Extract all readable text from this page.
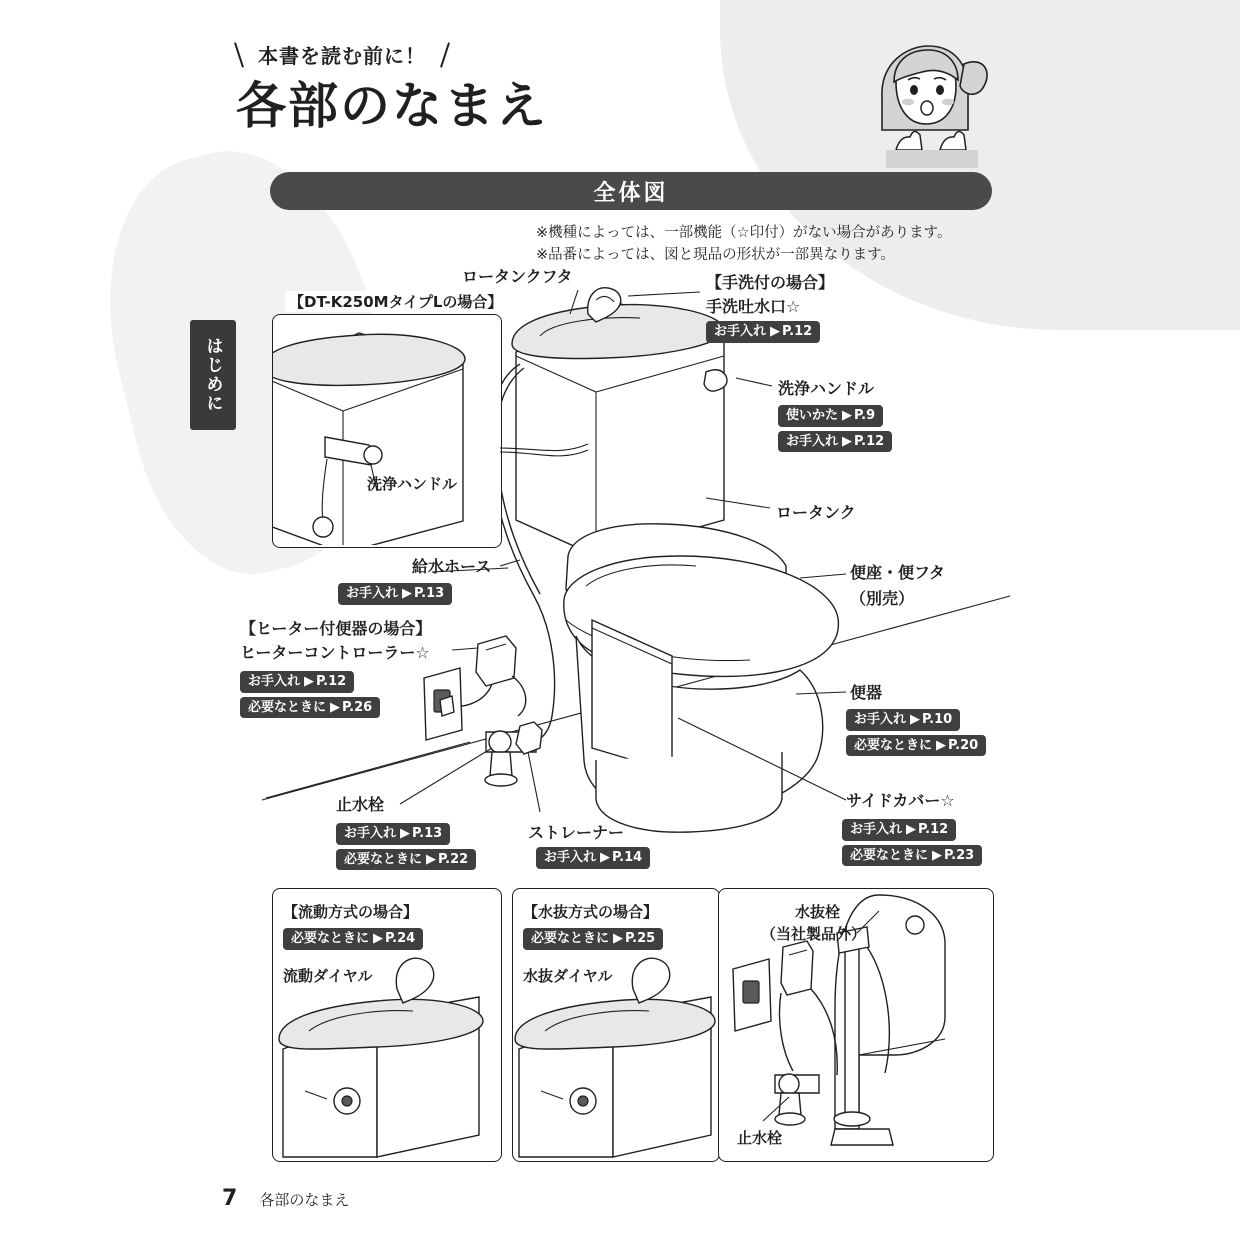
本書を読む前に！
各部のなまえ
はじめに
全体図
※機種によっては、一部機能（☆印付）がない場合があります。
※品番によっては、図と現品の形状が一部異なります。
ロータンクフタ	【手洗付の場合】
手洗吐水口☆
お手入れ ▶ P.12
洗浄ハンドル
使いかた ▶ P.9
お手入れ ▶ P.12
ロータンク
便座・便フタ
（別売）
便器
お手入れ ▶ P.10
必要なときに ▶ P.20
サイドカバー☆
お手入れ ▶ P.12
必要なときに ▶ P.23
給水ホース
お手入れ ▶ P.13
【ヒーター付便器の場合】
ヒーターコントローラー☆
お手入れ ▶ P.12
必要なときに ▶ P.26
止水栓
お手入れ ▶ P.13
必要なときに ▶ P.22
ストレーナー
お手入れ ▶ P.14
【DT-K250MタイプLの場合】
洗浄ハンドル
【流動方式の場合】
必要なときに ▶ P.24
流動ダイヤル
【水抜方式の場合】
必要なときに ▶ P.25
水抜ダイヤル
水抜栓
（当社製品外）
止水栓
7 各部のなまえ
